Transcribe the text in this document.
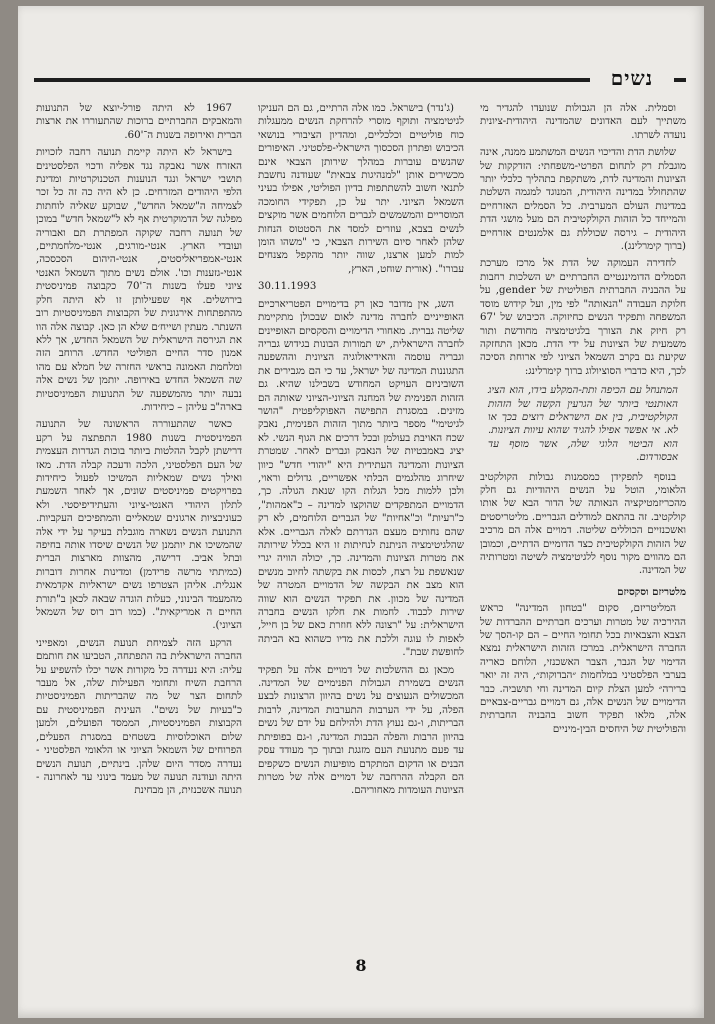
נשים

וסמלית. אלה הן הגבולות שנועדו להגדיר מי משתייך לעם האדונים שהמדינה היהודית-ציונית נועדה לשרתו.

שלושת הדת והדיכוי הנשים המשתמע ממנה, אינה מוגבלת רק לתחום הפרטי-משפחתי: הזדקקות של הציונות והמדינה לדת, משתקפת בתהליך כלכלי יותר שהתחולל במדינה היהודית, המנוגד למגמה השלטת במדינות העולם המערבית. כל הסמלים האזרחיים והמייחד כל הזהות הקולקטיבית הם מעל מושגי הדת היהודית – גירסה שכוללת גם אלמנטים אזרחיים (ברוך קימרלינג).

לחדירה העמוקה של הדת אל מרכז מערכת הסמלים הדומיננטיים החברתיים יש השלכות רחבות על ההבניה החברתית הפוליטית של gender, על חלוקת העבודה "הנאותה" לפי מין, ועל קידוש מוסד המשפחה ותפקיד הנשים כחיזוקה. הכיבוש של '67 רק חיזק את הצורך בלגיטימציה מחודשת ותור משמעית של הציונות על ידי הדת. מכאן התחזקה שקיעת גם בקרב השמאל הציוני לפי ארוחת הסיכה לכך, היא כדברי הסוציולוג ברוך קימרלינג:

המתנחל עם הכיפה ותת-המקלע בידו, הוא הציג האותנטי ביותר של הגרעין הקשה של הזהות הקולקטיבית, בין אם הישראלים רוצים בכך או לא. אי אפשר אפילו להגיד שהוא עיוות הציונות. הוא הביטוי הלוגי שלה, אשר מוסף עד אבסורדום.

בנוסף לתפקידן כמסמנות גבולות הקולקטיב הלאומי, הוטל על הנשים היהודיות גם חלק מהכריזמטיקציה הנאותה של הדור הבא של אותו קולקטיב. זה בהתאם למודלים הגבריים. מליטריסטים ואשכנזיים הכוללים שליטה. דמויים אלה הם מרכיב של הזהות הקולקטיבית כצד הדומיים הדתיים, וכמובן הם מהווים מקור נוסף ללגיטימציה לשיטה ומטרותיה של המדינה.

מלטריזם וסקסיזם

המליטריזם, סקום "בטחון המדינה" כראש ההירכיה של מטרות וערכים חברתיים ההברדות של הצבא והצבאיות בכל תחומי החיים – הם קו-הסך של החברה הישראלית. במרכז הזהות הישראלית נמצא הדימוי של הגבר, הצבר האשכנזי, הלוחם כאריה בערבי הפלסטיני במלחמות ״הבדוקות״, היה זה יואר ברירה״ למען הצלת קיום המדינה וחי תושביה. כבר הדימויים של הנשים אלה, גם דמויים גבריים-צבאיים אלה, מלאו תפקיד חשוב בהבניה החברתית והפוליטית של היחסים הבין-מיניים

(ג'נדר) בישראל. כמו אלה הרתיים, גם הם העניקו לגיטימציה ותוקף מוסרי להרחקת הנשים ממעגלות כוח פוליטיים וכלכליים, ומהדיון הציבורי בנושאי הכיבוש ופתרון הסכסוך הישראלי-פלסטיני. האיפורים שהנשים עוברות במהלך שירותן הצבאי אינם מכשירים אותן "למנהיגות צבאית" שעודנה נחשבת לתנאי חשוב להשתתפות בדיון הפוליטי, אפילו בעיני השמאל הציוני. יתר על כן, תפקידי החומכה המוסריים והמשמשים לגברים הלוחמים אשר מוקצים לנשים בצבא, עוזרים למסד את הסטטוס הנחות שלהן לאחר סיום השירות הצבאי, כי "משהו הומן למות למען ארצנו, שווה יותר מהקפל מצנחים עבורו". (אורית שוחט, הארץ,

30.11.1993

השג, אין מדובר כאן רק בדימויים הפטריארכיים האופייניים לחברה מדינה לאום שבכולן מתקיימת שליטה גברית. מאחורי הדימויים והסקסיזם האופיינים לחברה הישראלית, יש תמורות הבונות בגידוש גבריה וגבריה עוסמה והאידיאולוגיה הציונית וההשפעה התגוננות המדינה של ישראל, עד כי הם מגבירים את השוביניזם העויקט המחודש בשבילנו שהיא. גם הזהות הפנימית של המחנה הציוני-הציוני שאותה הם מזינים. במסגרת התפישה האפוקליפטית "הושר לגיטימי" מספר ביותר מתוך הזהות הפנימית, נאבק שכח האויבת בעולמן ובכל דרכים את הגוף הנשי. לא יציג באמבטיות של הנאבק וגברים לאחר. שמטרת הציונות והמדינה העתידית היא "יהודי חדש" כיוון שיחרוג מהלגמים הבלתי אפשריים, גדולים וראוי, ולכן ללמות מכל הגלות הקו שנאת הגולה. כך, הדמויים המתפקדים שהוקצו למדינה – כ"אמהות", כ"רעיות" וכ"אחיות" של הגברים הלוחמים, לא רק שהם נחותים מעצם הגדרתם לאלה הגבריים. אלא שהלגיטימציה הניתנת לנחיתות זו היא בכלל שירותה את מטרות הציונות והמדינה. כך, יכולה הוויה יגרי שנאשפת על רצח, לכסות את בקשתה לחיוב מנשים הוא מצב את הבקשה של הדמויים המטרה של המדינה של מכוון. את תפקיד הנשים הוא שווה שירות לכבוד. לחמות את חלקו הנשים בחברה הישראלית: על "רצונה ללא חוזרת כאם של בן חייל, לאפות לו עוגה וללכת את מדיו כשהוא בא הביתה לחופשת שבת".

מכאן גם ההשלכות של דמויים אלה על תפקיד הנשים בשמירת הגבולות הפנימיים של המדינה. המכשולים הנעוצים על נשים בהיוון הרצונות לבצע הפלה, על ידי הערבות התערבות המדינה, לרבות הבריתות, ו-גם נעוץ הדת ולהילחם על ידם של נשים בהיוון הרבות והפלה הבבות המדינה, ו-גם בפופיתת עד פעם מתנועת העם מזגגת ובתוך כך מעודד עסק הבנים או הדקום המתקדם מופיעות הנשים כשקפים הם הקבלה ההרחבה של דמויים אלה של מטרות הציונות העומדות מאחוריהם.

1967 לא היתה פורל-יוצא של התנועות והמאבקים החברתיים ברוכות שהתעוררו את ארצות הברית ואירופה בשנות ה־'60.

בישראל לא היתה קיימת תנועה רחבה לזכויות האזרח אשר נאבקה נגד אפליה ודכוי הפלסטינים תושבי ישראל ונגד הנוענות הטכנוקרטיות ומדינת הלפי היהודים המזרחים. כן לא היה כה זה כל זכר לצמיחה ה"שמאל החדש", שבוקע שאליה לוחתות מפלגה של הדמוקרטית אף לא ל"שמאל חדש" במוכן של תנועה רחבה שקוקה המפתרת תם ואבוריה ועובדי הארץ. אנטי-מורגים, אנטי-מלחמתיים, אנטי-אמפריאליסטים, אנטי-היהום הסכסכה, אנטי-גזענות וכו'. אולם נשים מתוך השמאל האנטי ציוני פעלו בשנות ה־'70 כקבוצה פמיניסטית בירושלים. אף שפעילותן זו לא היתה חלק מהתפתחות אירגונית של הקבוצות הפמיניסטיות רוב השנתר. מעתין ושייח׳ם שלא הן כאן. קבוצה אלה הוו את הגירסה הישראלית של השמאל החדש, אך ללא אמנון סדר החיים הפוליטי החדש. הרוחב הזה ומלחמת האמונה בראשי החזרה של חמלא עם מהו שה השמאל החדש באירופה. יותמן של נשים אלה נבעה יותר מהמשפעה של התנועות הפמיניסטיות בארה"ב עליהן – כיחידות.

כאשר שהתעוררה הראשונה של התנועה הפמיניסטית בשנות 1980 התפתצה על רקע דרישתן לקבל ההלטות ביותר בוכות הגדרות העצמית של העם הפלסטיני, הלכה ודעכה קבלה הדת. מאז ואילך נשים שמאליות המשיכו לפעול כיחידות בפרויקטים פמיניסטים שונים, אך לאחר השמעת לתלון היהודי האנטי-ציוני והעתידיפיסטי. ולא כעוניבציות ארגונים שמאליים והמתפיכים העקביות. התנועת הנשים נשארה מוגבלת בעיקר על ידי אלה שהמשיכו את יותמנן של הנשים שיסדו אותה בחיפה ובתל אביב. דרישה, מהצוות מארצות הברית (כמיתתי מרשה פרידמן) ומדינות אחרות דוברות אנגלית. אליהן הצטרפו נשים ישראליות אקדמאית מהמעמד הבינוני, כעלות הוגדה שבאה לכאן ב"תורת החיים ה אמריקאית". (כמו רוב רוס של השמאל הציוני).

הרקע הזה לצמיחת תנועת הנשים, ומאפייני החברה הישראלית בה התפתחה, הטביעו את חותמם עליה: היא נעדרה כל מקורות אשר יכלו להשפיע על הרחבת השיח ותחומי הפעילות שלה, אל מעבר לתחום הצר של מה שהבריתות הפמיניסטיות כ"בעיות של נשים". העינית הפמיניסטית עם הקבוצות הפמיניסטיות, הממסד הפועלים, ולמען שלום האוכלוסיות בשטחים במסגרת הפעלים, הפרוחים של השמאל הציוני או הלאומי הפלסטיני - נעדרה מסדר היום שלהן. בינתיים, תנועת הנשים היתה ועודנה תנועה של מעמד בינוני עד לאחרונה - תנועה אשכנזית, הן מבחינת

8
